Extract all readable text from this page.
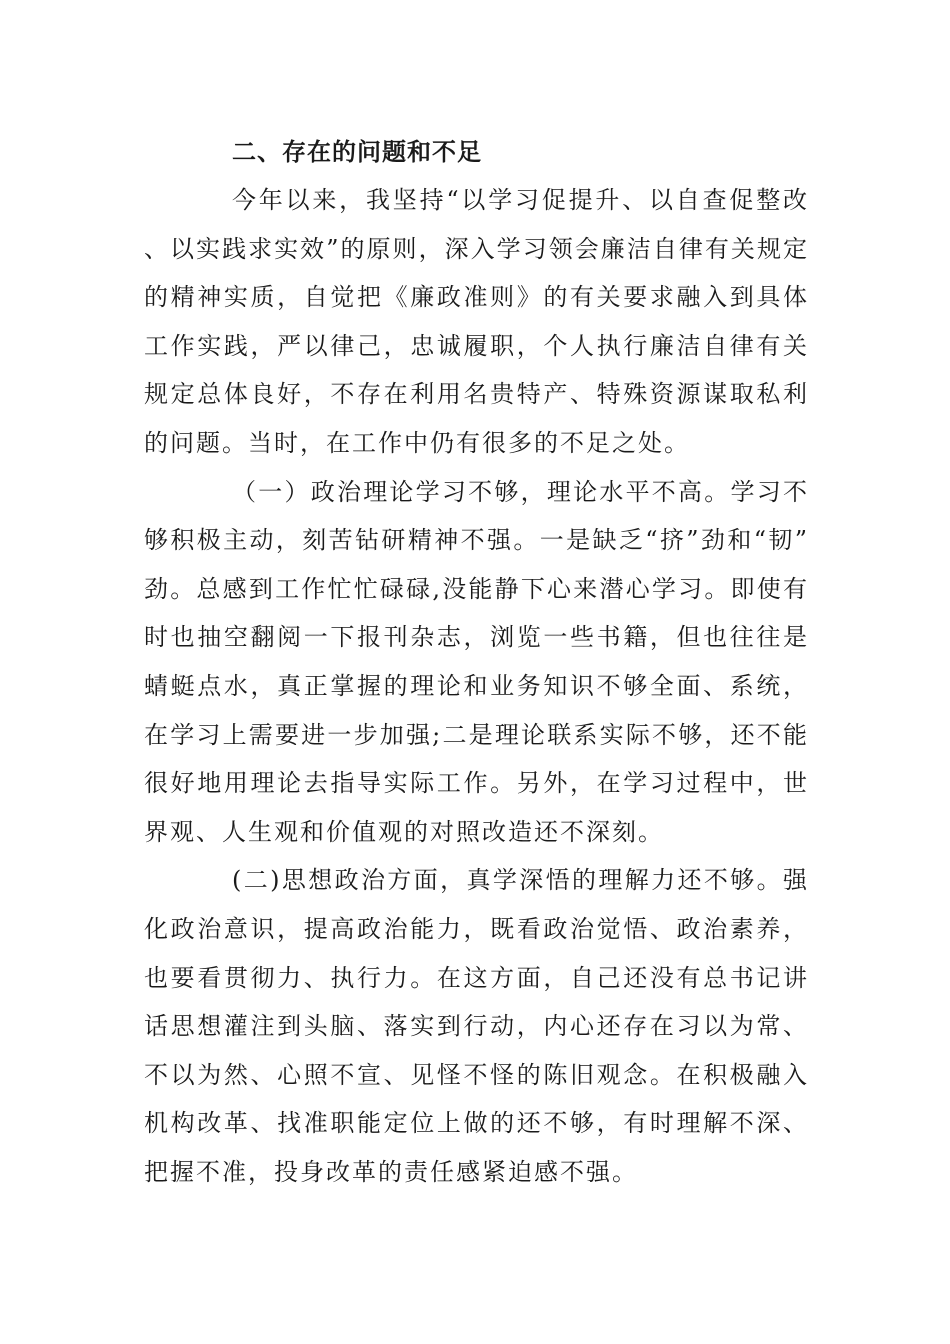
二、存在的问题和不足

今年以来，我坚持“以学习促提升、以自查促整改、以实践求实效”的原则，深入学习领会廉洁自律有关规定的精神实质，自觉把《廉政准则》的有关要求融入到具体工作实践，严以律己，忠诚履职，个人执行廉洁自律有关规定总体良好，不存在利用名贵特产、特殊资源谋取私利的问题。当时，在工作中仍有很多的不足之处。

（一）政治理论学习不够，理论水平不高。学习不够积极主动，刻苦钻研精神不强。一是缺乏“挤”劲和“韧”劲。总感到工作忙忙碌碌,没能静下心来潜心学习。即使有时也抽空翻阅一下报刊杂志，浏览一些书籍，但也往往是蜻蜓点水，真正掌握的理论和业务知识不够全面、系统，在学习上需要进一步加强;二是理论联系实际不够，还不能很好地用理论去指导实际工作。另外，在学习过程中，世界观、人生观和价值观的对照改造还不深刻。

(二)思想政治方面，真学深悟的理解力还不够。强化政治意识，提高政治能力，既看政治觉悟、政治素养，也要看贯彻力、执行力。在这方面，自己还没有总书记讲话思想灌注到头脑、落实到行动，内心还存在习以为常、不以为然、心照不宣、见怪不怪的陈旧观念。在积极融入机构改革、找准职能定位上做的还不够，有时理解不深、把握不准，投身改革的责任感紧迫感不强。
